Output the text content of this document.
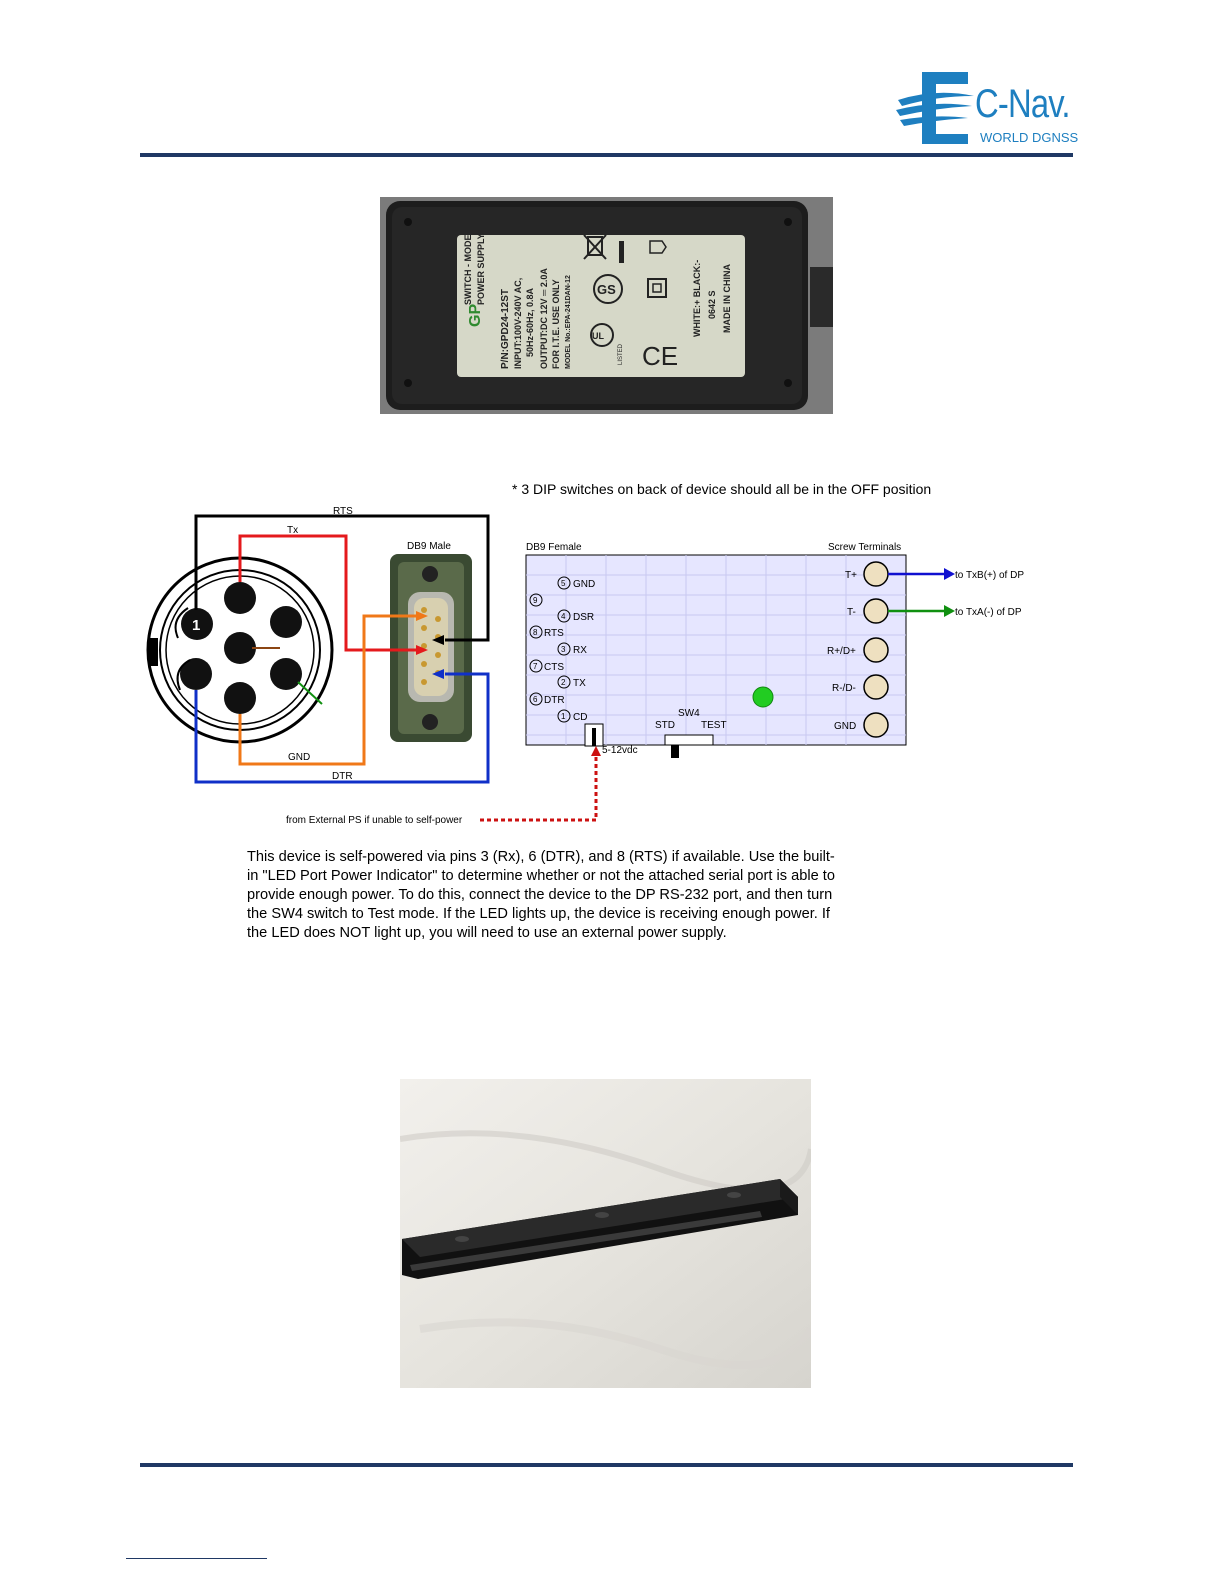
C-Nav.
WORLD DGNSS
GP
SWITCH - MODE POWER SUPPLY
P/N:GPD24-12ST INPUT:100V-240V AC, 50Hz-60Hz, 0.8A OUTPUT:DC 12V ═ 2.0A FOR I.T.E. USE ONLY MODEL No.:EPA-241DAN-12	WHITE:+ BLACK:- 0642 S MADE IN CHINA
UL
LISTED
GS
CE
* 3 DIP switches on back of device should all be in the OFF position
1
DB9 Male
RTS
Tx
GND
DTR
DB9 Female	Screw Terminals
5 GND
9
4 DSR
8 RTS
3 RX
7 CTS
2 TX
6 DTR
1 CD
T+
T-
R+/D+
R-/D-
GND
to TxB(+) of DP
to TxA(-) of DP
SW4
STD	TEST
5-12vdc
from External PS if unable to self-power
This device is self-powered via pins 3 (Rx), 6 (DTR), and 8 (RTS) if available. Use the built-
in "LED Port Power Indicator" to determine whether or not the attached serial port is able to
provide enough power. To do this, connect the device to the DP RS-232 port, and then turn
the SW4 switch to Test mode. If the LED lights up, the device is receiving enough power. If
the LED does NOT light up, you will need to use an external power supply.
